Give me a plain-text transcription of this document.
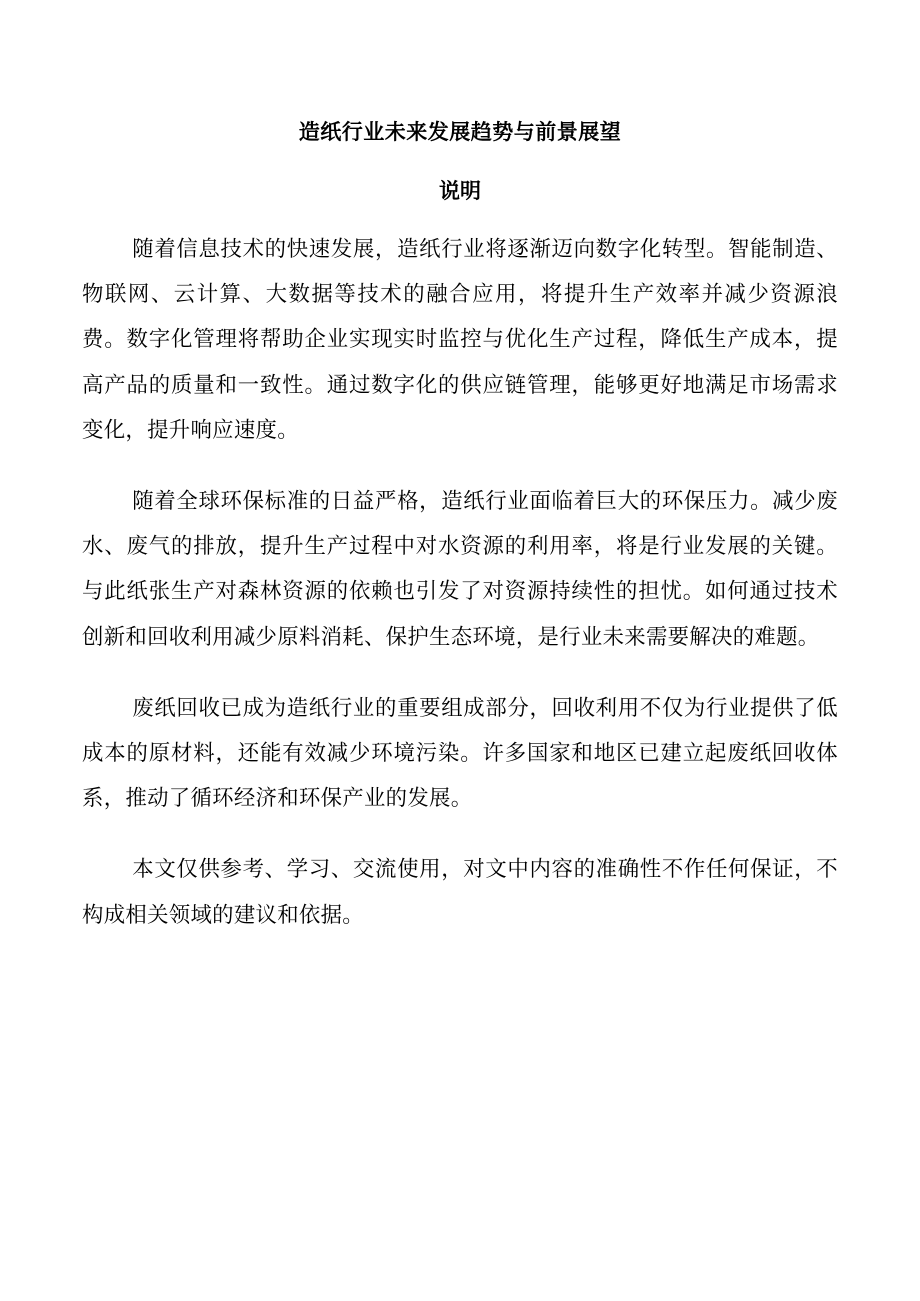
造纸行业未来发展趋势与前景展望
说明

随着信息技术的快速发展，造纸行业将逐渐迈向数字化转型。智能制造、物联网、云计算、大数据等技术的融合应用，将提升生产效率并减少资源浪费。数字化管理将帮助企业实现实时监控与优化生产过程，降低生产成本，提高产品的质量和一致性。通过数字化的供应链管理，能够更好地满足市场需求变化，提升响应速度。

随着全球环保标准的日益严格，造纸行业面临着巨大的环保压力。减少废水、废气的排放，提升生产过程中对水资源的利用率，将是行业发展的关键。与此纸张生产对森林资源的依赖也引发了对资源持续性的担忧。如何通过技术创新和回收利用减少原料消耗、保护生态环境，是行业未来需要解决的难题。

废纸回收已成为造纸行业的重要组成部分，回收利用不仅为行业提供了低成本的原材料，还能有效减少环境污染。许多国家和地区已建立起废纸回收体系，推动了循环经济和环保产业的发展。

本文仅供参考、学习、交流使用，对文中内容的准确性不作任何保证，不构成相关领域的建议和依据。
